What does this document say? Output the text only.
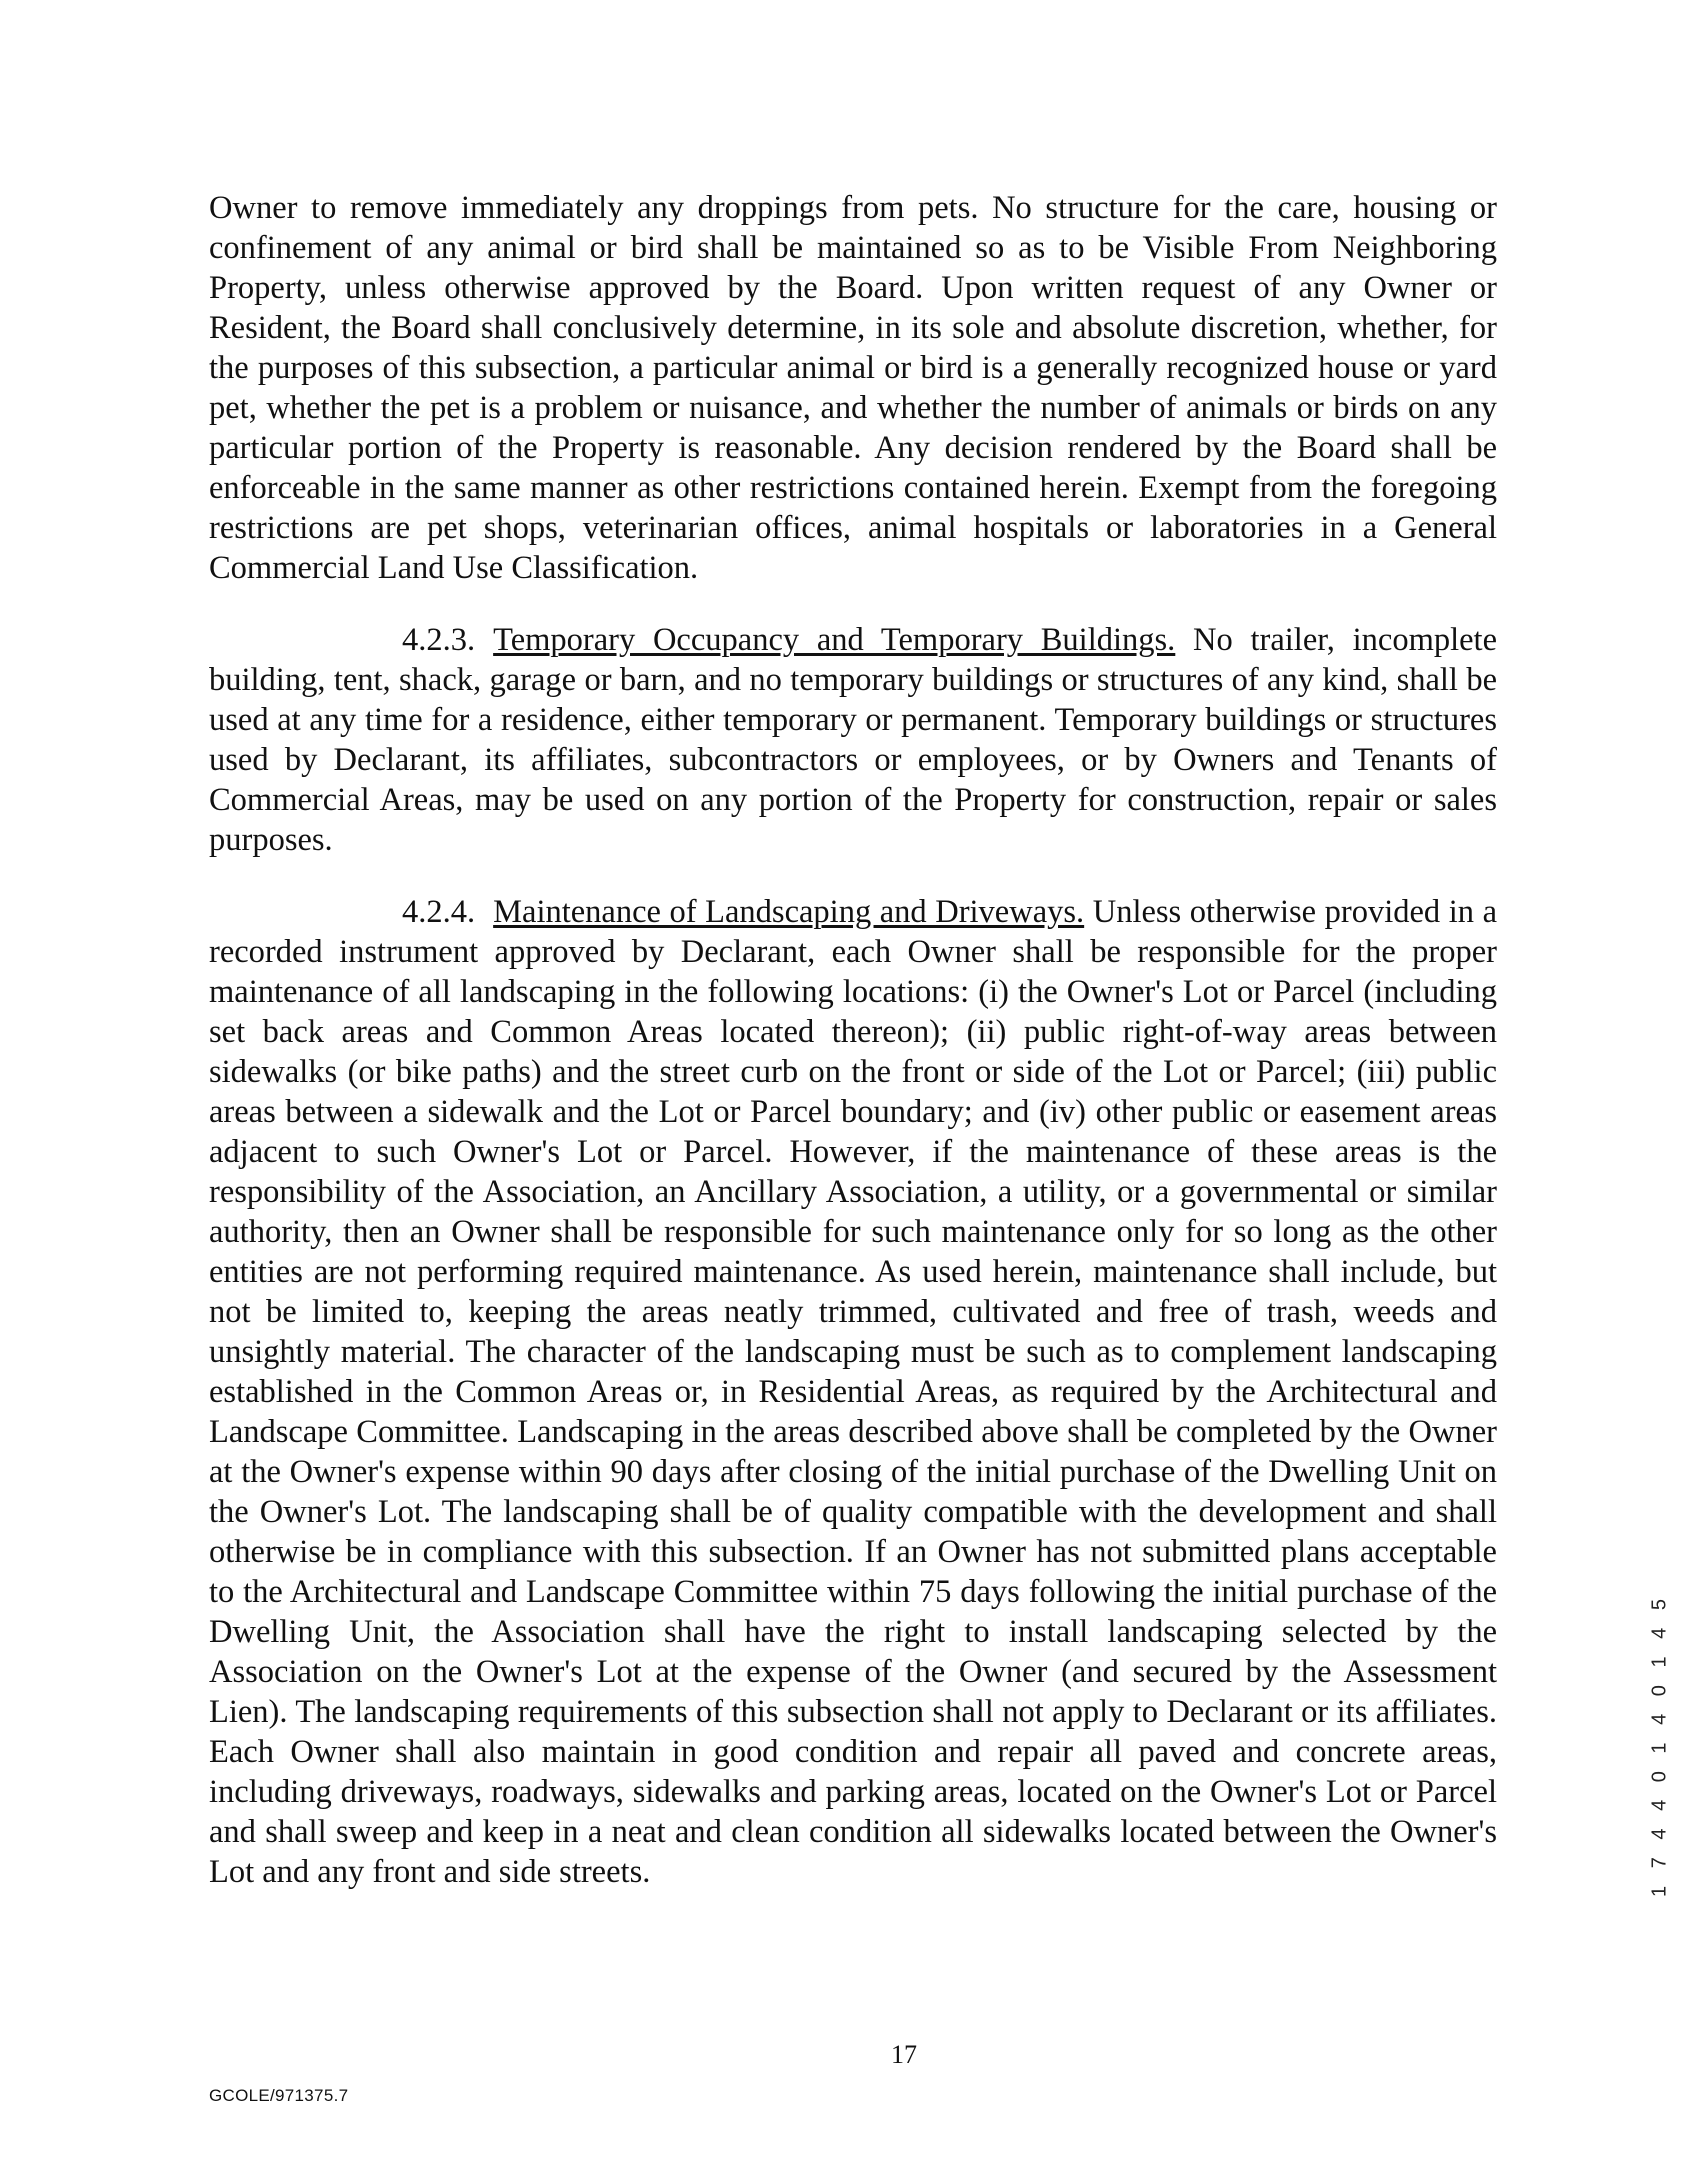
Owner to remove immediately any droppings from pets. No structure for the care, housing or confinement of any animal or bird shall be maintained so as to be Visible From Neighboring Property, unless otherwise approved by the Board. Upon written request of any Owner or Resident, the Board shall conclusively determine, in its sole and absolute discretion, whether, for the purposes of this subsection, a particular animal or bird is a generally recognized house or yard pet, whether the pet is a problem or nuisance, and whether the number of animals or birds on any particular portion of the Property is reasonable. Any decision rendered by the Board shall be enforceable in the same manner as other restrictions contained herein. Exempt from the foregoing restrictions are pet shops, veterinarian offices, animal hospitals or laboratories in a General Commercial Land Use Classification.

4.2.3. Temporary Occupancy and Temporary Buildings. No trailer, incomplete building, tent, shack, garage or barn, and no temporary buildings or structures of any kind, shall be used at any time for a residence, either temporary or permanent. Temporary buildings or structures used by Declarant, its affiliates, subcontractors or employees, or by Owners and Tenants of Commercial Areas, may be used on any portion of the Property for construction, repair or sales purposes.

4.2.4. Maintenance of Landscaping and Driveways. Unless otherwise provided in a recorded instrument approved by Declarant, each Owner shall be responsible for the proper maintenance of all landscaping in the following locations: (i) the Owner's Lot or Parcel (including set back areas and Common Areas located thereon); (ii) public right-of-way areas between sidewalks (or bike paths) and the street curb on the front or side of the Lot or Parcel; (iii) public areas between a sidewalk and the Lot or Parcel boundary; and (iv) other public or easement areas adjacent to such Owner's Lot or Parcel. However, if the maintenance of these areas is the responsibility of the Association, an Ancillary Association, a utility, or a governmental or similar authority, then an Owner shall be responsible for such maintenance only for so long as the other entities are not performing required maintenance. As used herein, maintenance shall include, but not be limited to, keeping the areas neatly trimmed, cultivated and free of trash, weeds and unsightly material. The character of the landscaping must be such as to complement landscaping established in the Common Areas or, in Residential Areas, as required by the Architectural and Landscape Committee. Landscaping in the areas described above shall be completed by the Owner at the Owner's expense within 90 days after closing of the initial purchase of the Dwelling Unit on the Owner's Lot. The landscaping shall be of quality compatible with the development and shall otherwise be in compliance with this subsection. If an Owner has not submitted plans acceptable to the Architectural and Landscape Committee within 75 days following the initial purchase of the Dwelling Unit, the Association shall have the right to install landscaping selected by the Association on the Owner's Lot at the expense of the Owner (and secured by the Assessment Lien). The landscaping requirements of this subsection shall not apply to Declarant or its affiliates. Each Owner shall also maintain in good condition and repair all paved and concrete areas, including driveways, roadways, sidewalks and parking areas, located on the Owner's Lot or Parcel and shall sweep and keep in a neat and clean condition all sidewalks located between the Owner's Lot and any front and side streets.	1 7 4 4 0 1 4 0 1 4 5
17
GCOLE/971375.7
